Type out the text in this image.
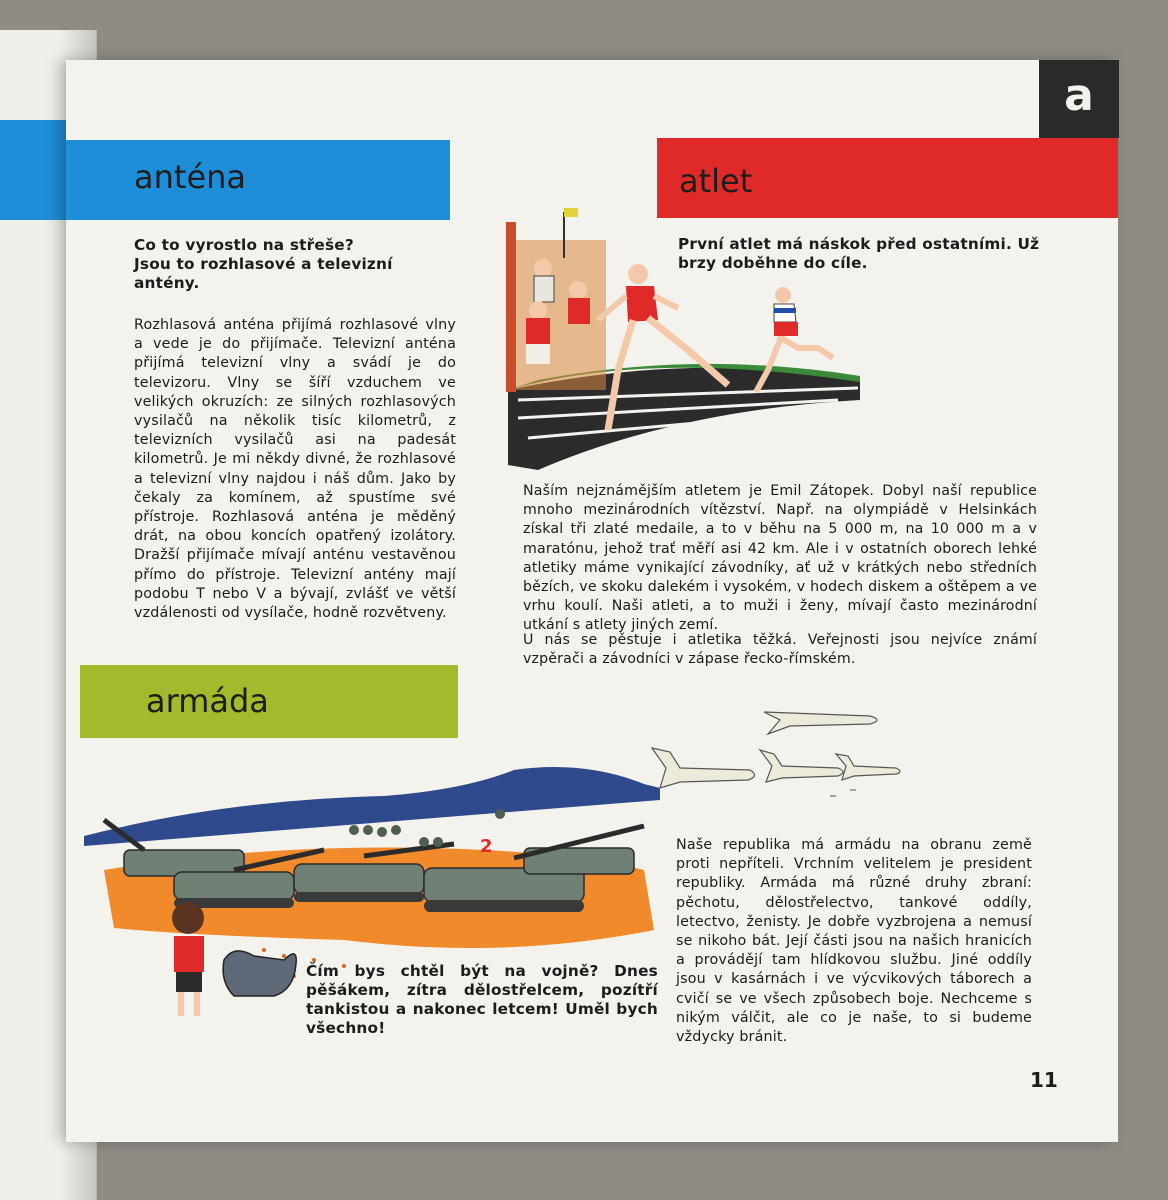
a
anténa
Co to vyrostlo na střeše? Jsou to rozhlasové a televizní antény.
Rozhlasová anténa přijímá rozhlasové vlny a vede je do přijímače. Televizní anténa přijímá televizní vlny a svádí je do televizoru. Vlny se šíří vzduchem ve velikých okruzích: ze silných rozhlasových vysilačů na několik tisíc kilometrů, z televizních vysilačů asi na padesát kilometrů. Je mi někdy divné, že rozhlasové a televizní vlny najdou i náš dům. Jako by čekaly za komínem, až spustíme své přístroje. Rozhlasová anténa je měděný drát, na obou koncích opatřený izolátory. Dražší přijímače mívají anténu vestavěnou přímo do přístroje. Televizní antény mají podobu T nebo V a bývají, zvlášť ve větší vzdálenosti od vysílače, hodně rozvětveny.
atlet
První atlet má náskok před ostatními. Už brzy doběhne do cíle.
Naším nejznámějším atletem je Emil Zátopek. Dobyl naší republice mnoho mezinárodních vítězství. Např. na olympiádě v Helsinkách získal tři zlaté medaile, a to v běhu na 5 000 m, na 10 000 m a v maratónu, jehož trať měří asi 42 km. Ale i v ostatních oborech lehké atletiky máme vynikající závodníky, ať už v krátkých nebo středních bězích, ve skoku dalekém i vysokém, v hodech diskem a oštěpem a ve vrhu koulí. Naši atleti, a to muži i ženy, mívají často mezinárodní utkání s atlety jiných zemí.
U nás se pěstuje i atletika těžká. Veřejnosti jsou nejvíce známí vzpěrači a závodníci v zápase řecko-římském.
armáda
2
Čím bys chtěl být na vojně? Dnes pěšákem, zítra dělostřelcem, pozítří tankistou a nakonec letcem! Uměl bych všechno!
Naše republika má armádu na obranu země proti nepříteli. Vrchním velitelem je president republiky. Armáda má různé druhy zbraní: pěchotu, dělostřelectvo, tankové oddíly, letectvo, ženisty. Je dobře vyzbrojena a nemusí se nikoho bát. Její části jsou na našich hranicích a provádějí tam hlídkovou službu. Jiné oddíly jsou v kasárnách i ve výcvikových táborech a cvičí se ve všech způsobech boje. Nechceme s nikým válčit, ale co je naše, to si budeme vždycky bránit.
11
